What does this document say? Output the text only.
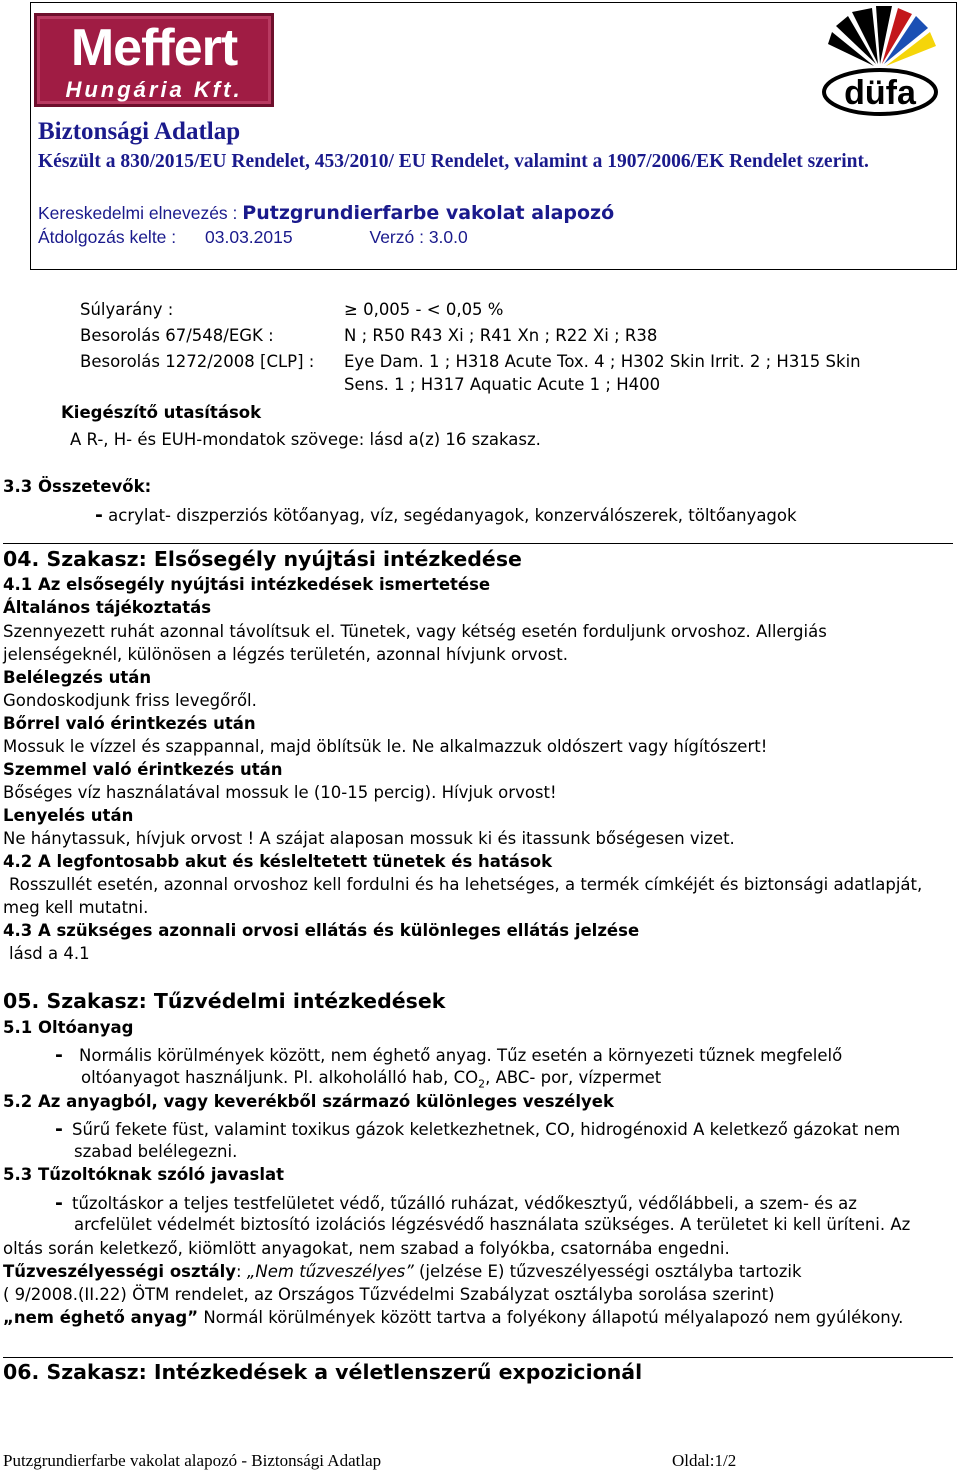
Meffert
Hungária Kft.	düfa
Biztonsági Adatlap
Készült a 830/2015/EU Rendelet, 453/2010/ EU Rendelet, valamint a 1907/2006/EK Rendelet szerint.
Kereskedelmi elnevezés : Putzgrundierfarbe vakolat alapozó
Átdolgozás kelte : 03.03.2015	Verzó : 3.0.0
Súlyarány :	≥ 0,005 - < 0,05 %
Besorolás 67/548/EGK :	N ; R50 R43 Xi ; R41 Xn ; R22 Xi ; R38
Besorolás 1272/2008 [CLP] : Eye Dam. 1 ; H318 Acute Tox. 4 ; H302 Skin Irrit. 2 ; H315 Skin
Sens. 1 ; H317 Aquatic Acute 1 ; H400
Kiegészítő utasítások
A R-, H- és EUH-mondatok szövege: lásd a(z) 16 szakasz.
3.3 Összetevők:
- acrylat- diszperziós kötőanyag, víz, segédanyagok, konzerválószerek, töltőanyagok
04. Szakasz: Elsősegély nyújtási intézkedése
4.1 Az elsősegély nyújtási intézkedések ismertetése
Általános tájékoztatás
Szennyezett ruhát azonnal távolítsuk el. Tünetek, vagy kétség esetén forduljunk orvoshoz. Allergiás
jelenségeknél, különösen a légzés területén, azonnal hívjunk orvost.
Belélegzés után
Gondoskodjunk friss levegőről.
Bőrrel való érintkezés után
Mossuk le vízzel és szappannal, majd öblítsük le. Ne alkalmazzuk oldószert vagy hígítószert!
Szemmel való érintkezés után
Bőséges víz használatával mossuk le (10-15 percig). Hívjuk orvost!
Lenyelés után
Ne hánytassuk, hívjuk orvost ! A szájat alaposan mossuk ki és itassunk bőségesen vizet.
4.2 A legfontosabb akut és késleltetett tünetek és hatások
Rosszullét esetén, azonnal orvoshoz kell fordulni és ha lehetséges, a termék címkéjét és biztonsági adatlapját,
meg kell mutatni.
4.3 A szükséges azonnali orvosi ellátás és különleges ellátás jelzése
lásd a 4.1
05. Szakasz: Tűzvédelmi intézkedések
5.1 Oltóanyag
- Normális körülmények között, nem éghető anyag. Tűz esetén a környezeti tűznek megfelelő
oltóanyagot használjunk. Pl. alkoholálló hab, $CO_2$, ABC- por, vízpermet
5.2 Az anyagból, vagy keverékből származó különleges veszélyek
- Sűrű fekete füst, valamint toxikus gázok keletkezhetnek, CO, hidrogénoxid A keletkező gázokat nem
szabad belélegezni.
5.3 Tűzoltóknak szóló javaslat
- tűzoltáskor a teljes testfelületet védő, tűzálló ruházat, védőkesztyű, védőlábbeli, a szem- és az
arcfelület védelmét biztosító izolációs légzésvédő használata szükséges. A területet ki kell üríteni. Az
oltás során keletkező, kiömlött anyagokat, nem szabad a folyókba, csatornába engedni.
Tűzveszélyességi osztály: „Nem tűzveszélyes” (jelzése E) tűzveszélyességi osztályba tartozik
( 9/2008.(II.22) ÖTM rendelet, az Országos Tűzvédelmi Szabályzat osztályba sorolása szerint)
„nem éghető anyag” Normál körülmények között tartva a folyékony állapotú mélyalapozó nem gyúlékony.
06. Szakasz: Intézkedések a véletlenszerű expozicionál
Putzgrundierfarbe vakolat alapozó - Biztonsági Adatlap	Oldal:1/2
